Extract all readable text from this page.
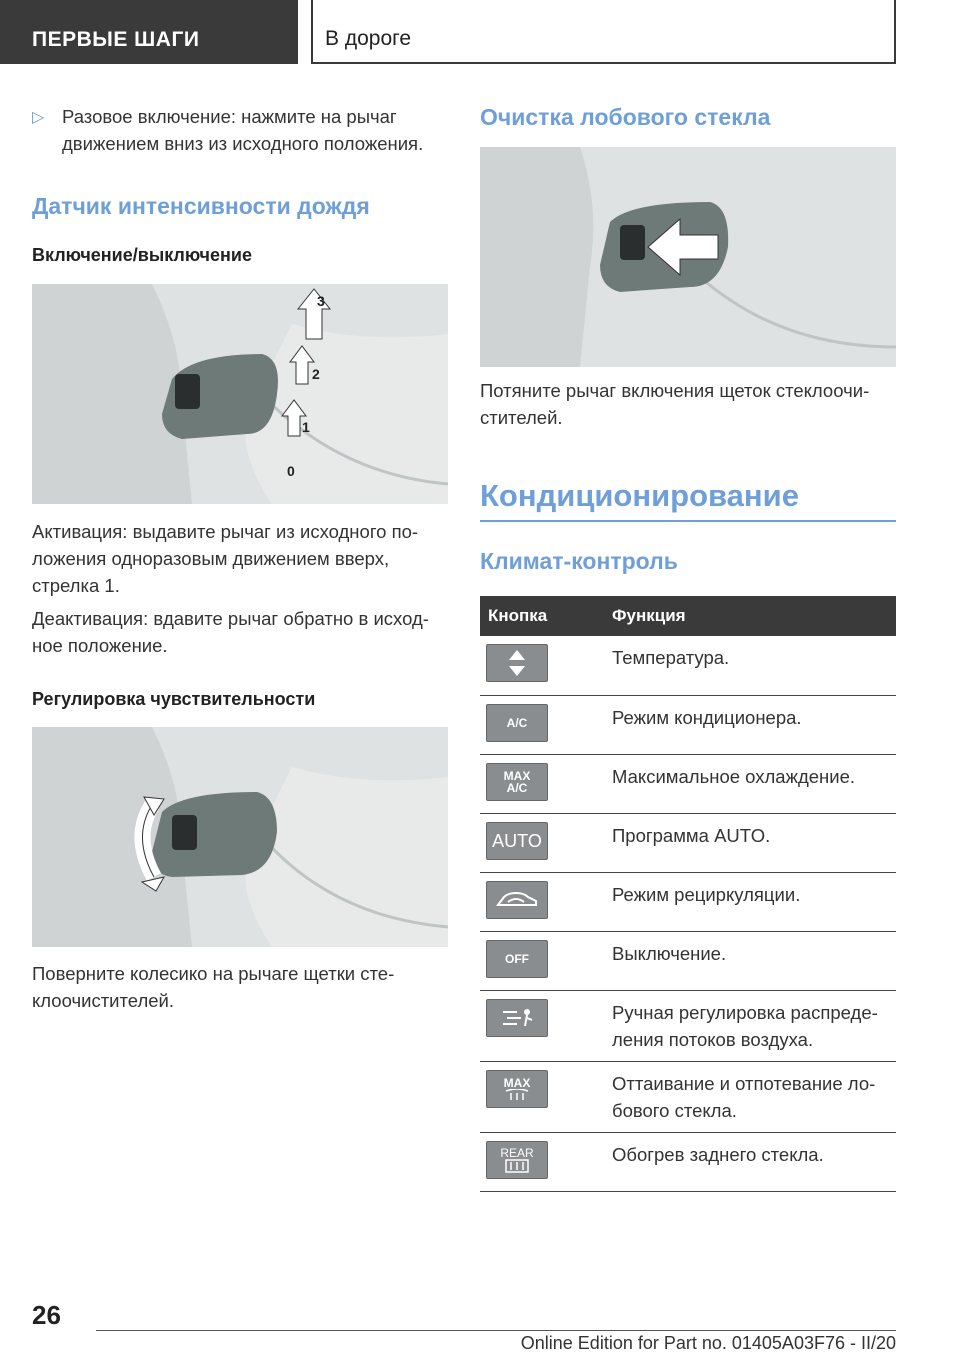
ПЕРВЫЕ ШАГИ	В дороге
▷ Разовое включение: нажмите на рычаг

движением вниз из исходного положения.

Датчик интенсивности дождя
Включение/выключение
3
2
1
0

Активация: выдавите рычаг из исходного по-

ложения одноразовым движением вверх,

стрелка 1.

Деактивация: вдавите рычаг обратно в исход-

ное положение.

Регулировка чувствительности

Поверните колесико на рычаге щетки сте-

клоочистителей.

Очистка лобового стекла

Потяните рычаг включения щеток стеклоочи-

стителей.

Кондиционирование
Климат-контроль
Кнопка	Функция

	Температура.

A/C	Режим кондиционера.

MAX A/C	Максимальное охлаждение.

AUTO	Программа AUTO.

	Режим рециркуляции.

OFF	Выключение.

	Ручная регулировка распреде- ления потоков воздуха.

MAX	Оттаивание и отпотевание ло- бового стекла.

REAR	Обогрев заднего стекла.
26
Online Edition for Part no. 01405A03F76 - II/20
